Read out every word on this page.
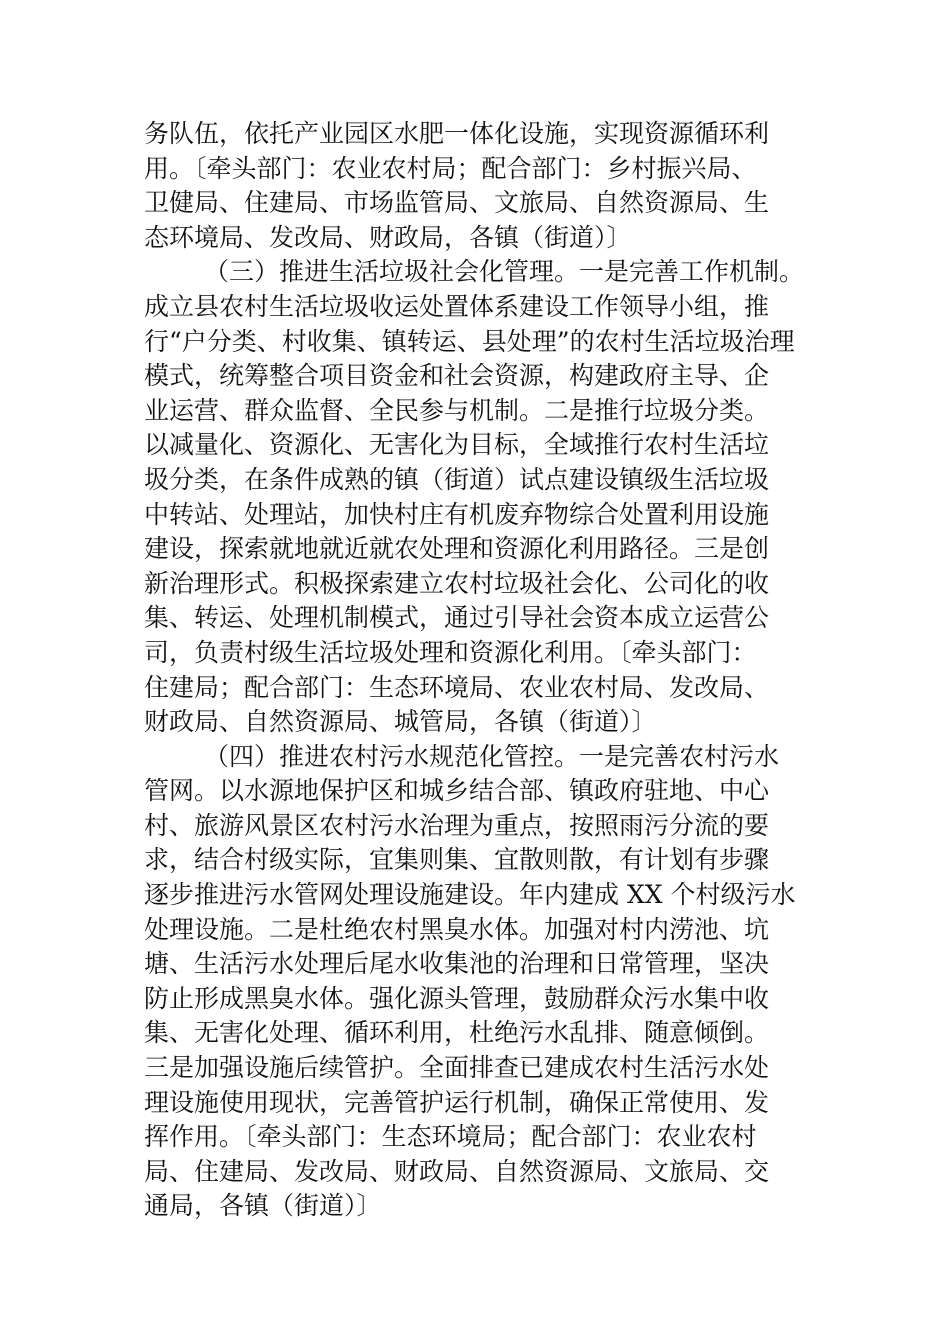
务队伍，依托产业园区水肥一体化设施，实现资源循环利
用。〔牵头部门：农业农村局；配合部门：乡村振兴局、
卫健局、住建局、市场监管局、文旅局、自然资源局、生
态环境局、发改局、财政局，各镇（街道）〕
（三）推进生活垃圾社会化管理。一是完善工作机制。
成立县农村生活垃圾收运处置体系建设工作领导小组，推
行“户分类、村收集、镇转运、县处理”的农村生活垃圾治理
模式，统筹整合项目资金和社会资源，构建政府主导、企
业运营、群众监督、全民参与机制。二是推行垃圾分类。
以减量化、资源化、无害化为目标，全域推行农村生活垃
圾分类，在条件成熟的镇（街道）试点建设镇级生活垃圾
中转站、处理站，加快村庄有机废弃物综合处置利用设施
建设，探索就地就近就农处理和资源化利用路径。三是创
新治理形式。积极探索建立农村垃圾社会化、公司化的收
集、转运、处理机制模式，通过引导社会资本成立运营公
司，负责村级生活垃圾处理和资源化利用。〔牵头部门：
住建局；配合部门：生态环境局、农业农村局、发改局、
财政局、自然资源局、城管局，各镇（街道）〕
（四）推进农村污水规范化管控。一是完善农村污水
管网。以水源地保护区和城乡结合部、镇政府驻地、中心
村、旅游风景区农村污水治理为重点，按照雨污分流的要
求，结合村级实际，宜集则集、宜散则散，有计划有步骤
逐步推进污水管网处理设施建设。年内建成 XX 个村级污水
处理设施。二是杜绝农村黑臭水体。加强对村内涝池、坑
塘、生活污水处理后尾水收集池的治理和日常管理，坚决
防止形成黑臭水体。强化源头管理，鼓励群众污水集中收
集、无害化处理、循环利用，杜绝污水乱排、随意倾倒。
三是加强设施后续管护。全面排查已建成农村生活污水处
理设施使用现状，完善管护运行机制，确保正常使用、发
挥作用。〔牵头部门：生态环境局；配合部门：农业农村
局、住建局、发改局、财政局、自然资源局、文旅局、交
通局，各镇（街道）〕
